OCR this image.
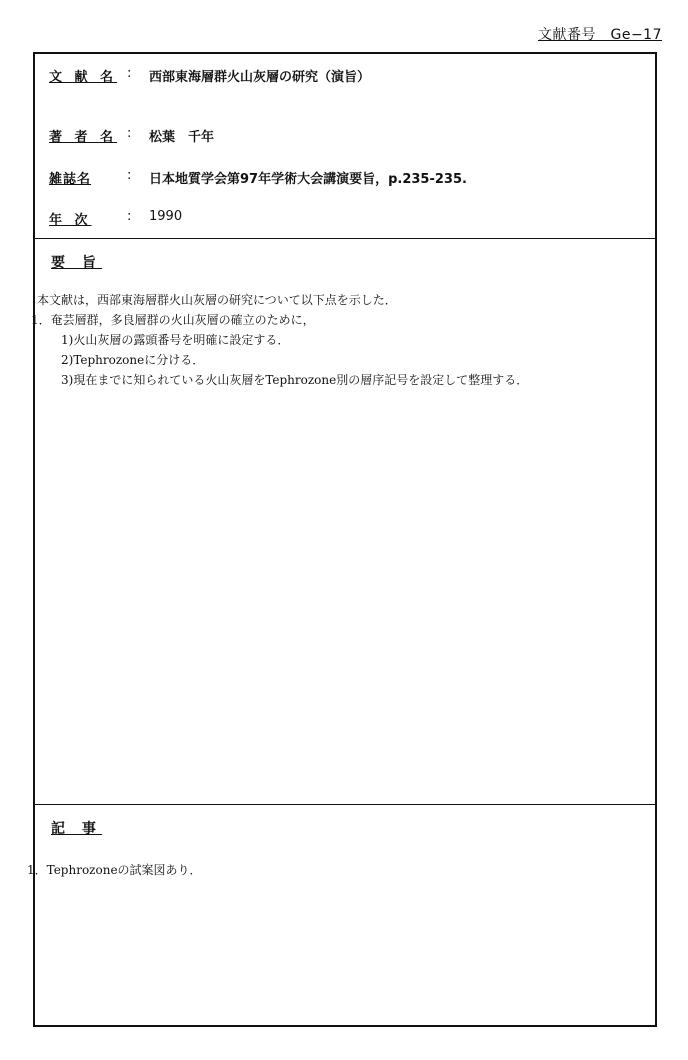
文献番号　Ge−17
文 献 名 : 西部東海層群火山灰層の研究（演旨）
著 者 名 : 松葉　千年
雑誌名	: 日本地質学会第97年学術大会講演要旨，p.235-235.
年 次	: 1990
要 旨
本文献は，西部東海層群火山灰層の研究について以下点を示した．
1．奄芸層群，多良層群の火山灰層の確立のために，
1)火山灰層の露頭番号を明確に設定する．
2)Tephrozoneに分ける．
3)現在までに知られている火山灰層をTephrozone別の層序記号を設定して整理する．
記 事
1．Tephrozoneの試案図あり．
